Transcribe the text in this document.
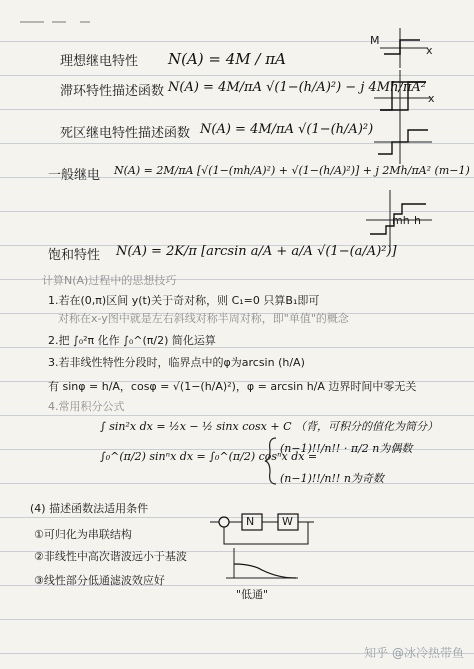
理想继电特性 N(A) = 4M / πA
滞环特性描述函数 N(A) = 4M/πA √(1−(h/A)²) − j 4Mh/πA²
死区继电特性描述函数 N(A) = 4M/πA √(1−(h/A)²)
一般继电 N(A) = 2M/πA [√(1−(mh/A)²) + √(1−(h/A)²)] + j 2Mh/πA² (m−1)
饱和特性 N(A) = 2K/π [arcsin a/A + a/A √(1−(a/A)²)]
M
x
x
mh h
计算N(A)过程中的思想技巧
1.若在(0,π)区间 y(t)关于奇对称，则 C₁=0 只算B₁即可
对称在x-y图中就是左右斜线对称半周对称，即"单值"的概念
2.把 ∫₀²π 化作 ∫₀^(π/2) 简化运算
3.若非线性特性分段时，临界点中的φ为arcsin (h/A)
有 sinφ = h/A，cosφ = √(1−(h/A)²)，φ = arcsin h/A 边界时间中零无关
4.常用积分公式
∫ sin²x dx = ½x − ½ sinx cosx + C （背，可积分的值化为简分）
∫₀^(π/2) sinⁿx dx = ∫₀^(π/2) cosⁿx dx =
(n−1)!!/n!! · π/2 n为偶数
(n−1)!!/n!! n为奇数
(4) 描述函数法适用条件
①可归化为串联结构
②非线性中高次谐波远小于基波
③线性部分低通滤波效应好
N	W
"低通"
知乎 @冰冷热带鱼
